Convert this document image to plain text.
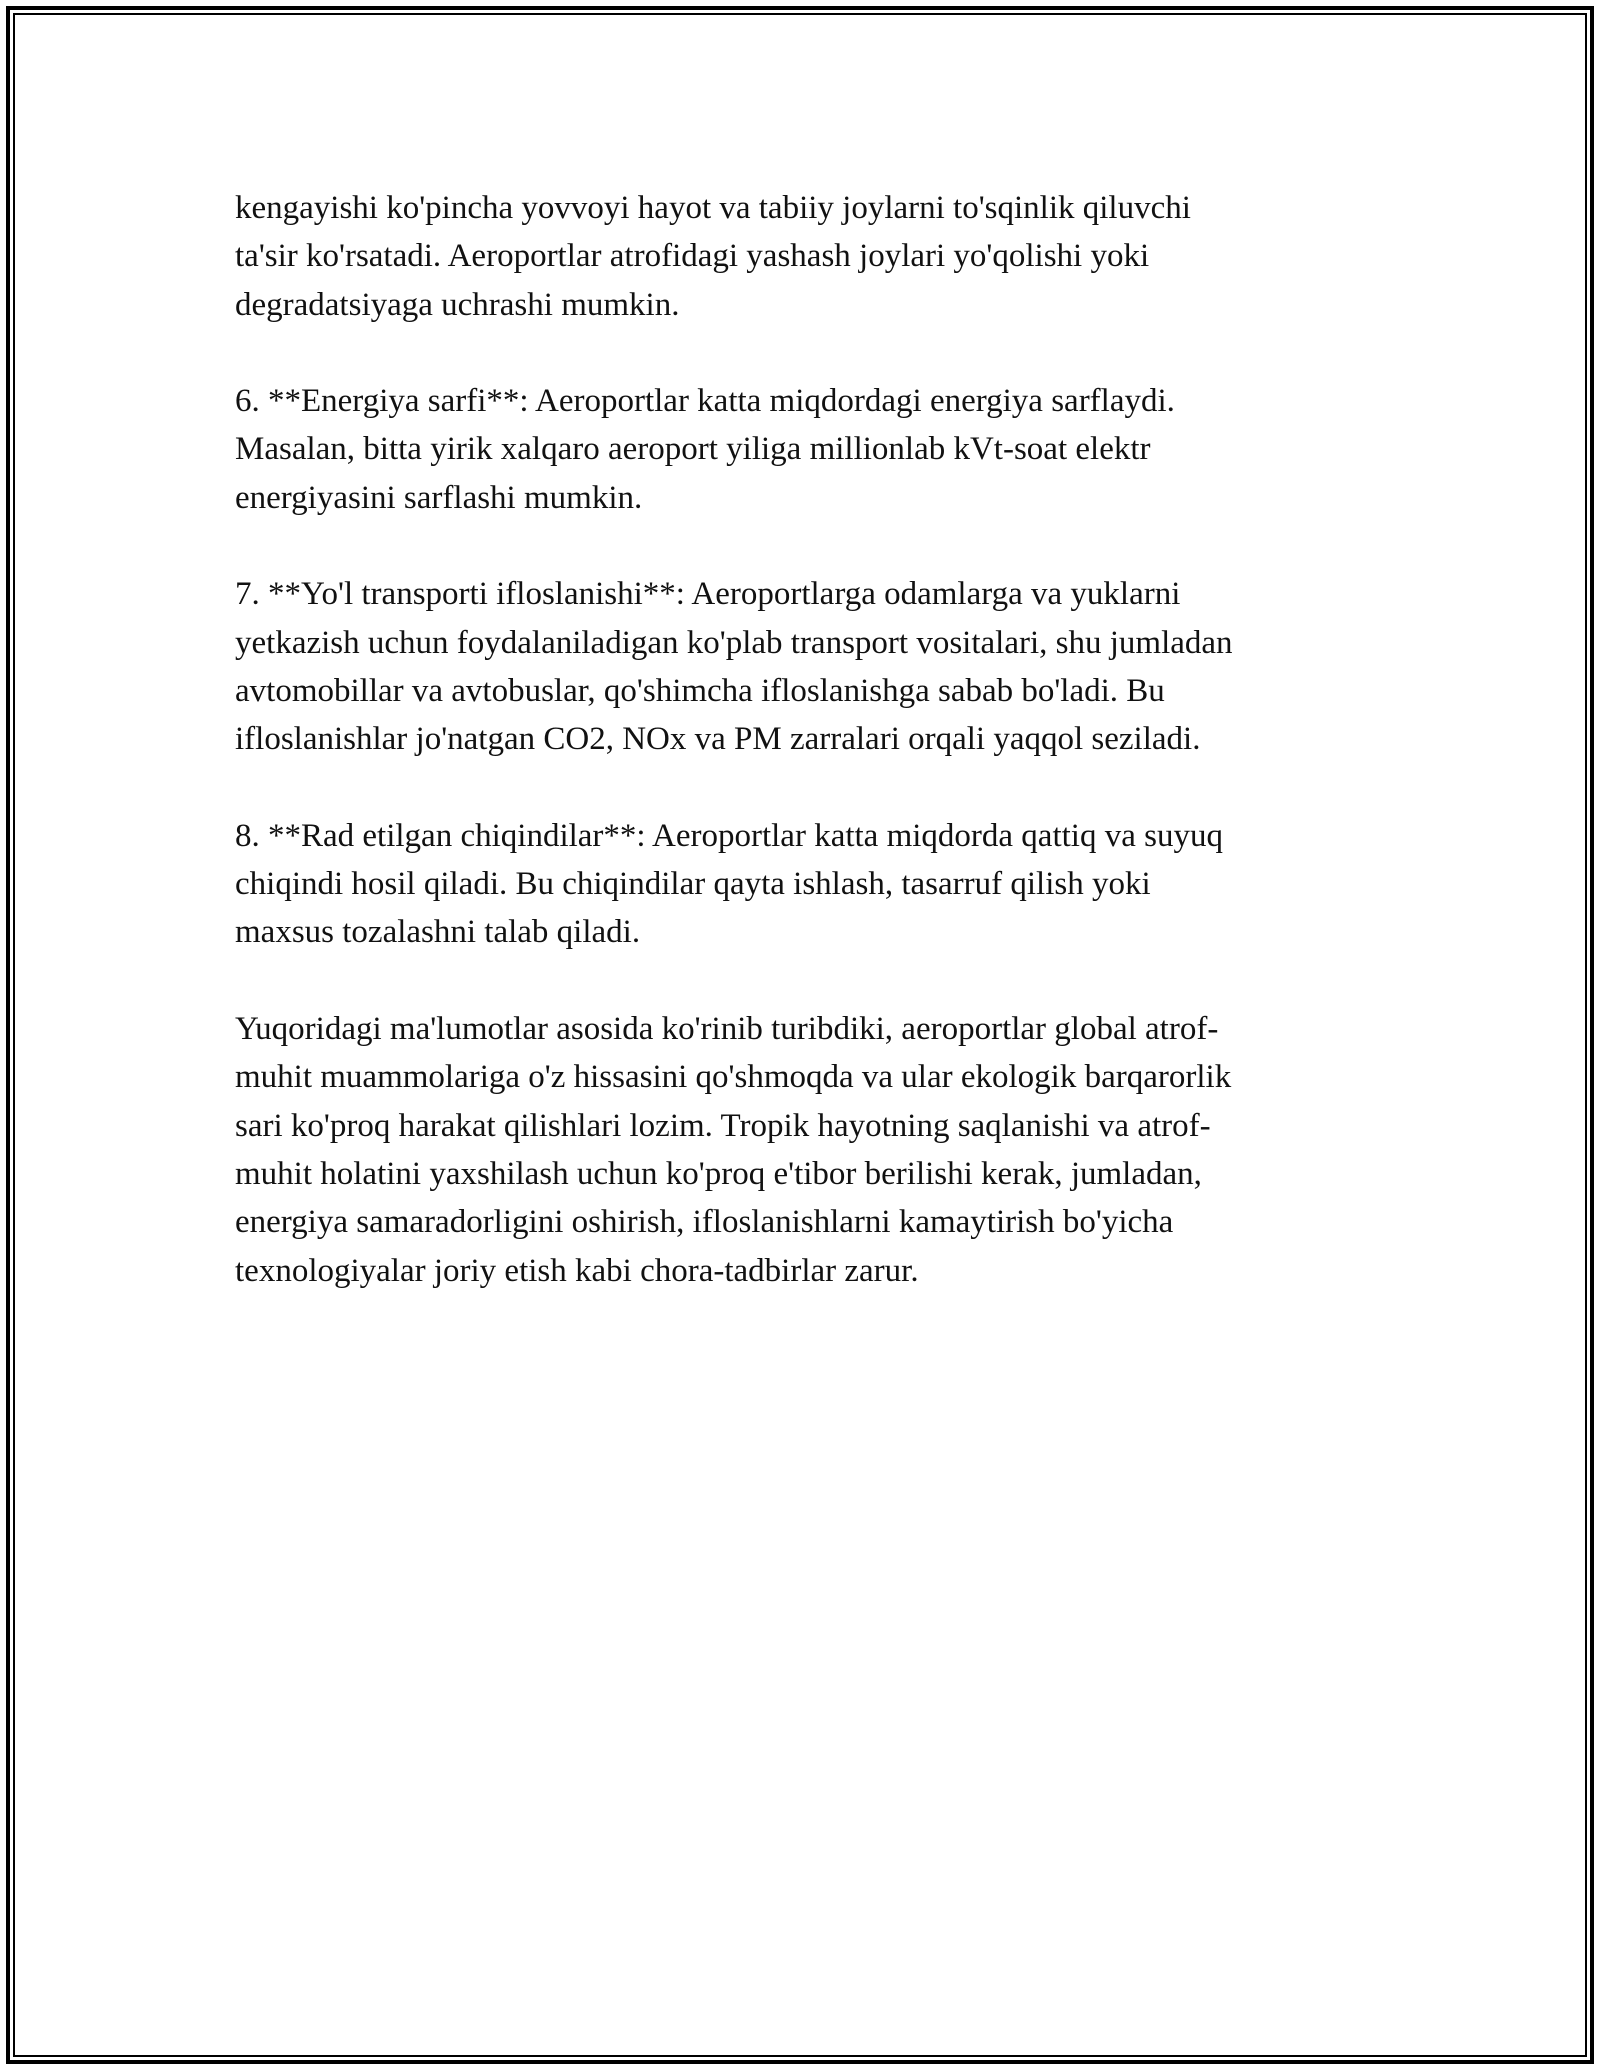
kengayishi ko'pincha yovvoyi hayot va tabiiy joylarni to'sqinlik qiluvchi
ta'sir ko'rsatadi. Aeroportlar atrofidagi yashash joylari yo'qolishi yoki
degradatsiyaga uchrashi mumkin.

6. **Energiya sarfi**: Aeroportlar katta miqdordagi energiya sarflaydi.
Masalan, bitta yirik xalqaro aeroport yiliga millionlab kVt-soat elektr
energiyasini sarflashi mumkin.

7. **Yo'l transporti ifloslanishi**: Aeroportlarga odamlarga va yuklarni
yetkazish uchun foydalaniladigan ko'plab transport vositalari, shu jumladan
avtomobillar va avtobuslar, qo'shimcha ifloslanishga sabab bo'ladi. Bu
ifloslanishlar jo'natgan CO2, NOx va PM zarralari orqali yaqqol seziladi.

8. **Rad etilgan chiqindilar**: Aeroportlar katta miqdorda qattiq va suyuq
chiqindi hosil qiladi. Bu chiqindilar qayta ishlash, tasarruf qilish yoki
maxsus tozalashni talab qiladi.

Yuqoridagi ma'lumotlar asosida ko'rinib turibdiki, aeroportlar global atrof-
muhit muammolariga o'z hissasini qo'shmoqda va ular ekologik barqarorlik
sari ko'proq harakat qilishlari lozim. Tropik hayotning saqlanishi va atrof-
muhit holatini yaxshilash uchun ko'proq e'tibor berilishi kerak, jumladan,
energiya samaradorligini oshirish, ifloslanishlarni kamaytirish bo'yicha
texnologiyalar joriy etish kabi chora-tadbirlar zarur.
